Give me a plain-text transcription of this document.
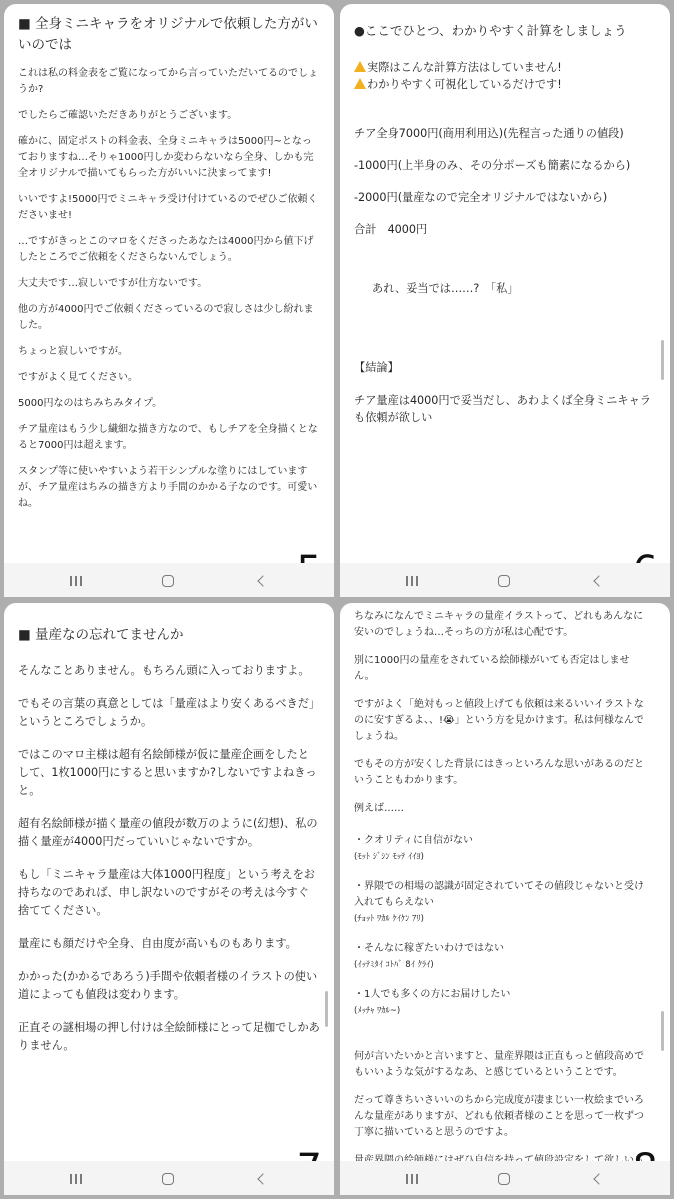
■ 全身ミニキャラをオリジナルで依頼した方がいいのでは
これは私の料金表をご覧になってから言っていただいてるのでしょうか?
でしたらご確認いただきありがとうございます。
確かに、固定ポストの料金表、全身ミニキャラは5000円~となっておりますね…そりゃ1000円しか変わらないなら全身、しかも完全オリジナルで描いてもらった方がいいに決まってます!
いいですよ!5000円でミニキャラ受け付けているのでぜひご依頼くださいませ!
…ですがきっとこのマロをくださったあなたは4000円から値下げしたところでご依頼をくださらないんでしょう。
大丈夫です…寂しいですが仕方ないです。
他の方が4000円でご依頼くださっているので寂しさは少し紛れました。
ちょっと寂しいですが。
ですがよく見てください。
5000円なのはちみちみタイプ。
チア量産はもう少し繊細な描き方なので、もしチアを全身描くとなると7000円は超えます。
スタンプ等に使いやすいよう若干シンプルな塗りにはしていますが、チア量産はちみの描き方より手間のかかる子なのです。可愛いね。
●ここでひとつ、わかりやすく計算をしましょう
実際はこんな計算方法はしていません!
わかりやすく可視化しているだけです!
チア全身7000円(商用利用込)(先程言った通りの値段)
-1000円(上半身のみ、その分ポーズも簡素になるから)
-2000円(量産なので完全オリジナルではないから)
合計　4000円
あれ、妥当では……?　「私」
【結論】
チア量産は4000円で妥当だし、あわよくば全身ミニキャラも依頼が欲しい
■ 量産なの忘れてませんか
そんなことありません。もちろん頭に入っておりますよ。
でもその言葉の真意としては「量産はより安くあるべきだ」というところでしょうか。
ではこのマロ主様は超有名絵師様が仮に量産企画をしたとして、1枚1000円にすると思いますか?しないですよねきっと。
超有名絵師様が描く量産の値段が数万のように(幻想)、私の描く量産が4000円だっていいじゃないですか。
もし「ミニキャラ量産は大体1000円程度」という考えをお持ちなのであれば、申し訳ないのですがその考えは今すぐ捨ててください。
量産にも顔だけや全身、自由度が高いものもあります。
かかった(かかるであろう)手間や依頼者様のイラストの使い道によっても値段は変わります。
正直その謎相場の押し付けは全絵師様にとって足枷でしかありません。
ちなみになんでミニキャラの量産イラストって、どれもあんなに安いのでしょうね…そっちの方が私は心配です。
別に1000円の量産をされている絵師様がいても否定はしません。
ですがよく「絶対もっと値段上げても依頼は来るいいイラストなのに安すぎるよ、、!😭」という方を見かけます。私は何様なんでしょうね。
でもその方が安くした背景にはきっといろんな思いがあるのだということもわかります。
例えば……
・クオリティに自信がない
(ﾓｯﾄ ｼﾞｼﾝ ﾓｯﾃ ｲｲﾖ)
・界隈での相場の認識が固定されていてその値段じゃないと受け入れてもらえない
(ﾁｮｯﾄ ﾜｶﾙ ｹｲｹﾝ ｱﾘ)
・そんなに稼ぎたいわけではない
(ｲｯﾃﾐﾀｲ ｺﾄﾊﾞ 8ｲ ｸﾗｲ)
・1人でも多くの方にお届けしたい
(ﾒｯﾁｬ ﾜｶﾙ~)
何が言いたいかと言いますと、量産界隈は正直もっと値段高めでもいいような気がするなあ、と感じているということです。
だって尊きちいさいいのちから完成度が凄まじい一枚絵までいろんな量産がありますが、どれも依頼者様のことを思って一枚ずつ丁寧に描いていると思うのですよ。
